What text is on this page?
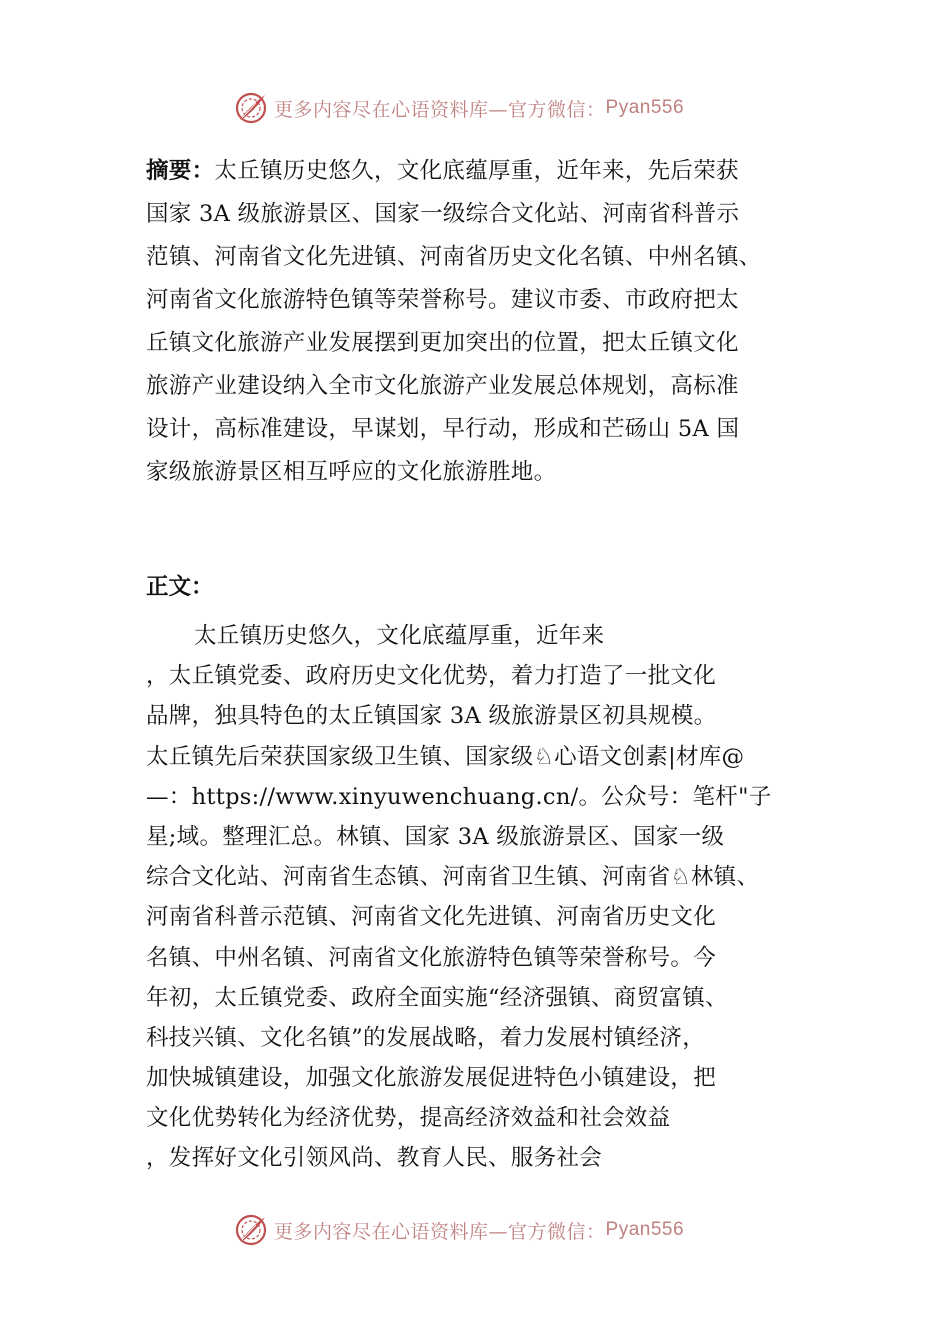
更多内容尽在心语资料库—官方微信： Pyan556
摘要：太丘镇历史悠久，文化底蕴厚重，近年来，先后荣获
国家 3A 级旅游景区、国家一级综合文化站、河南省科普示
范镇、河南省文化先进镇、河南省历史文化名镇、中州名镇、
河南省文化旅游特色镇等荣誉称号。建议市委、市政府把太
丘镇文化旅游产业发展摆到更加突出的位置，把太丘镇文化
旅游产业建设纳入全市文化旅游产业发展总体规划，高标准
设计，高标准建设，早谋划，早行动，形成和芒砀山 5A 国
家级旅游景区相互呼应的文化旅游胜地。
正文：
太丘镇历史悠久，文化底蕴厚重，近年来
，太丘镇党委、政府历史文化优势，着力打造了一批文化
品牌，独具特色的太丘镇国家 3A 级旅游景区初具规模。
太丘镇先后荣获国家级卫生镇、国家级♘心语文创素|材库@
—：https://www.xinyuwenchuang.cn/。公众号：笔杆"子
星;域。整理汇总。林镇、国家 3A 级旅游景区、国家一级
综合文化站、河南省生态镇、河南省卫生镇、河南省♘林镇、
河南省科普示范镇、河南省文化先进镇、河南省历史文化
名镇、中州名镇、河南省文化旅游特色镇等荣誉称号。今
年初，太丘镇党委、政府全面实施“经济强镇、商贸富镇、
科技兴镇、文化名镇”的发展战略，着力发展村镇经济，
加快城镇建设，加强文化旅游发展促进特色小镇建设，把
文化优势转化为经济优势，提高经济效益和社会效益
，发挥好文化引领风尚、教育人民、服务社会
更多内容尽在心语资料库—官方微信： Pyan556
